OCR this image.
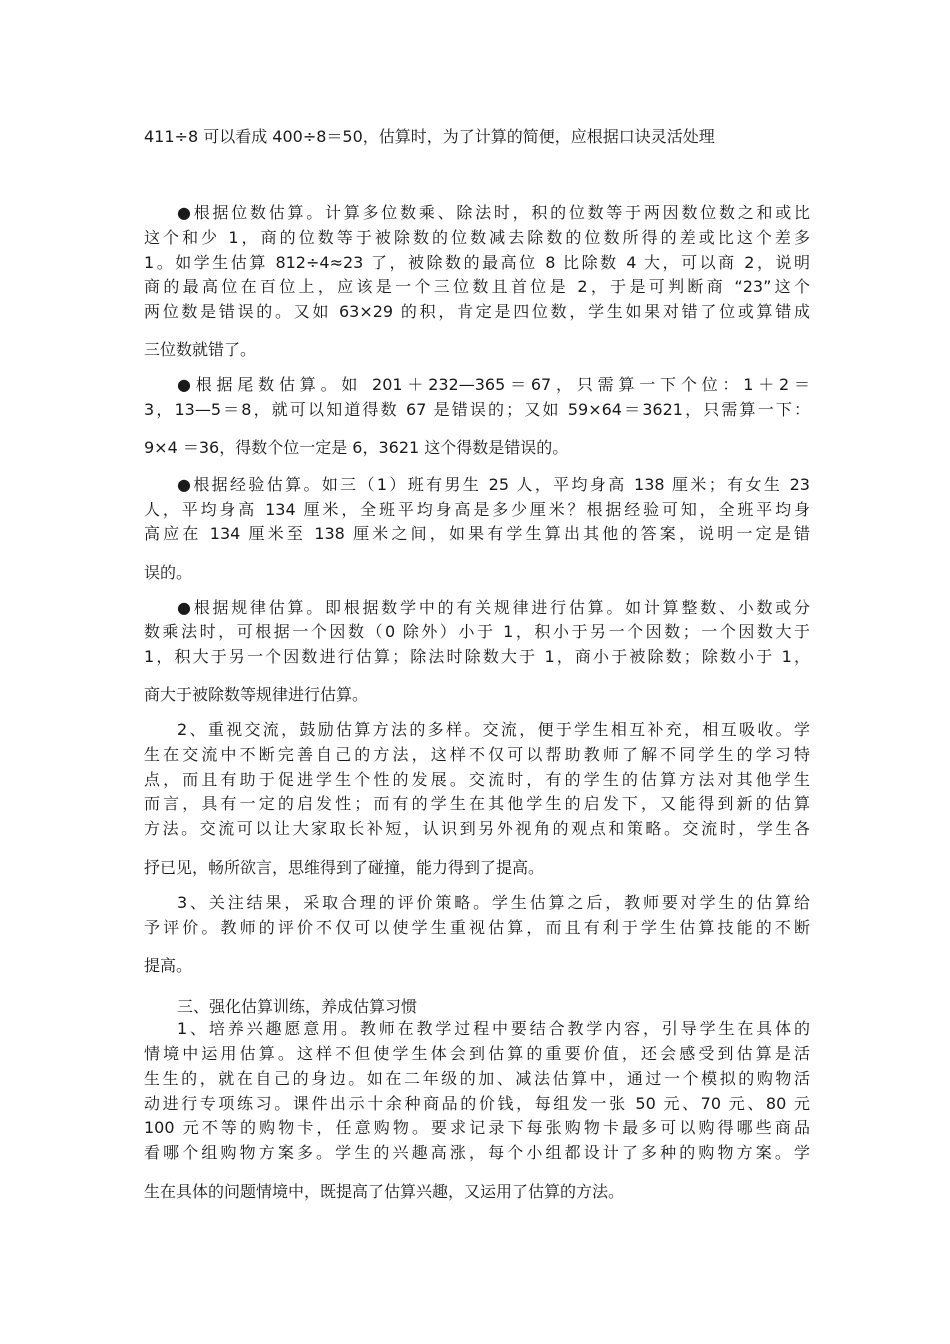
411÷8 可以看成 400÷8＝50，估算时，为了计算的简便，应根据口诀灵活处理
●根据位数估算。计算多位数乘、除法时，积的位数等于两因数位数之和或比
这个和少 1，商的位数等于被除数的位数减去除数的位数所得的差或比这个差多
1。如学生估算 812÷4≈23 了，被除数的最高位 8 比除数 4 大，可以商 2，说明
商的最高位在百位上，应该是一个三位数且首位是 2，于是可判断商 “23”这个
两位数是错误的。又如 63×29 的积，肯定是四位数，学生如果对错了位或算错成
三位数就错了。
●根据尾数估算。如 201＋232—365＝67，只需算一下个位：1＋2＝
3，13—5＝8，就可以知道得数 67 是错误的；又如 59×64＝3621，只需算一下：
9×4 ＝36，得数个位一定是 6，3621 这个得数是错误的。
●根据经验估算。如三（1）班有男生 25 人，平均身高 138 厘米；有女生 23
人，平均身高 134 厘米，全班平均身高是多少厘米？根据经验可知，全班平均身
高应在 134 厘米至 138 厘米之间，如果有学生算出其他的答案，说明一定是错
误的。
●根据规律估算。即根据数学中的有关规律进行估算。如计算整数、小数或分
数乘法时，可根据一个因数（0 除外）小于 1，积小于另一个因数；一个因数大于
1，积大于另一个因数进行估算；除法时除数大于 1，商小于被除数；除数小于 1，
商大于被除数等规律进行估算。
2、重视交流，鼓励估算方法的多样。交流，便于学生相互补充，相互吸收。学
生在交流中不断完善自己的方法，这样不仅可以帮助教师了解不同学生的学习特
点，而且有助于促进学生个性的发展。交流时，有的学生的估算方法对其他学生
而言，具有一定的启发性；而有的学生在其他学生的启发下，又能得到新的估算
方法。交流可以让大家取长补短，认识到另外视角的观点和策略。交流时，学生各
抒已见，畅所欲言，思维得到了碰撞，能力得到了提高。
3、关注结果，采取合理的评价策略。学生估算之后，教师要对学生的估算给
予评价。教师的评价不仅可以使学生重视估算，而且有利于学生估算技能的不断
提高。
三、强化估算训练，养成估算习惯
1、培养兴趣愿意用。教师在教学过程中要结合教学内容，引导学生在具体的
情境中运用估算。这样不但使学生体会到估算的重要价值，还会感受到估算是活
生生的，就在自己的身边。如在二年级的加、减法估算中，通过一个模拟的购物活
动进行专项练习。课件出示十余种商品的价钱，每组发一张 50 元、70 元、80 元
100 元不等的购物卡，任意购物。要求记录下每张购物卡最多可以购得哪些商品
看哪个组购物方案多。学生的兴趣高涨，每个小组都设计了多种的购物方案。学
生在具体的问题情境中，既提高了估算兴趣，又运用了估算的方法。
